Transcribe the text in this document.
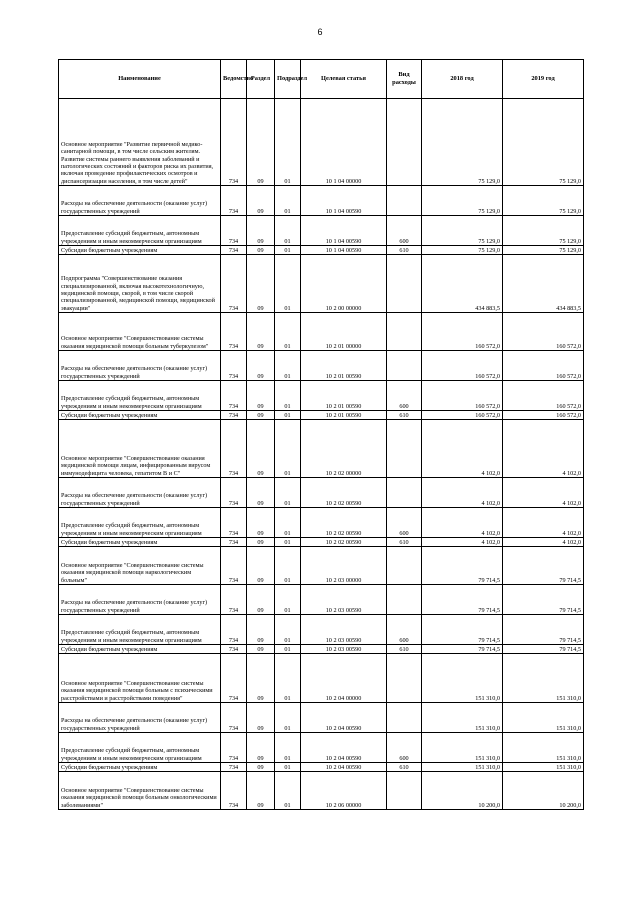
6
Наименование	Ведомство	Раздел	Подраздел	Целевая статья	Вид расходы	2018 год	2019 год
Основное мероприятие "Развитие первичной медико-санитарной помощи, в том числе сельским жителям. Развитие системы раннего выявления заболеваний и патологических состояний и факторов риска их развития, включая проведение профилактических осмотров и диспансеризации населения, в том числе детей"	734	09	01	10 1 04 00000		75 129,0	75 129,0
Расходы на обеспечение деятельности (оказание услуг) государственных учреждений	734	09	01	10 1 04 00590		75 129,0	75 129,0
Предоставление субсидий бюджетным, автономным учреждениям и иным некоммерческим организациям	734	09	01	10 1 04 00590	600	75 129,0	75 129,0
Субсидии бюджетным учреждениям	734	09	01	10 1 04 00590	610	75 129,0	75 129,0
Подпрограмма "Совершенствование оказания специализированной, включая высокотехнологичную, медицинской помощи, скорой, в том числе скорой специализированной, медицинской помощи, медицинской эвакуации"	734	09	01	10 2 00 00000		434 883,5	434 883,5
Основное мероприятие "Совершенствование системы оказания медицинской помощи больным туберкулезом"	734	09	01	10 2 01 00000		160 572,0	160 572,0
Расходы на обеспечение деятельности (оказание услуг) государственных учреждений	734	09	01	10 2 01 00590		160 572,0	160 572,0
Предоставление субсидий бюджетным, автономным учреждениям и иным некоммерческим организациям	734	09	01	10 2 01 00590	600	160 572,0	160 572,0
Субсидии бюджетным учреждениям	734	09	01	10 2 01 00590	610	160 572,0	160 572,0
Основное мероприятие "Совершенствование оказания медицинской помощи лицам, инфицированным вирусом иммунодефицита человека, гепатитом В и С"	734	09	01	10 2 02 00000		4 102,0	4 102,0
Расходы на обеспечение деятельности (оказание услуг) государственных учреждений	734	09	01	10 2 02 00590		4 102,0	4 102,0
Предоставление субсидий бюджетным, автономным учреждениям и иным некоммерческим организациям	734	09	01	10 2 02 00590	600	4 102,0	4 102,0
Субсидии бюджетным учреждениям	734	09	01	10 2 02 00590	610	4 102,0	4 102,0
Основное мероприятие "Совершенствование системы оказания медицинской помощи наркологическим больным"	734	09	01	10 2 03 00000		79 714,5	79 714,5
Расходы на обеспечение деятельности (оказание услуг) государственных учреждений	734	09	01	10 2 03 00590		79 714,5	79 714,5
Предоставление субсидий бюджетным, автономным учреждениям и иным некоммерческим организациям	734	09	01	10 2 03 00590	600	79 714,5	79 714,5
Субсидии бюджетным учреждениям	734	09	01	10 2 03 00590	610	79 714,5	79 714,5
Основное мероприятие "Совершенствование системы оказания медицинской помощи больным с психическими расстройствами и расстройствами поведения"	734	09	01	10 2 04 00000		151 310,0	151 310,0
Расходы на обеспечение деятельности (оказание услуг) государственных учреждений	734	09	01	10 2 04 00590		151 310,0	151 310,0
Предоставление субсидий бюджетным, автономным учреждениям и иным некоммерческим организациям	734	09	01	10 2 04 00590	600	151 310,0	151 310,0
Субсидии бюджетным учреждениям	734	09	01	10 2 04 00590	610	151 310,0	151 310,0
Основное мероприятие "Совершенствование системы оказания медицинской помощи больным онкологическими заболеваниями"	734	09	01	10 2 06 00000		10 200,0	10 200,0
